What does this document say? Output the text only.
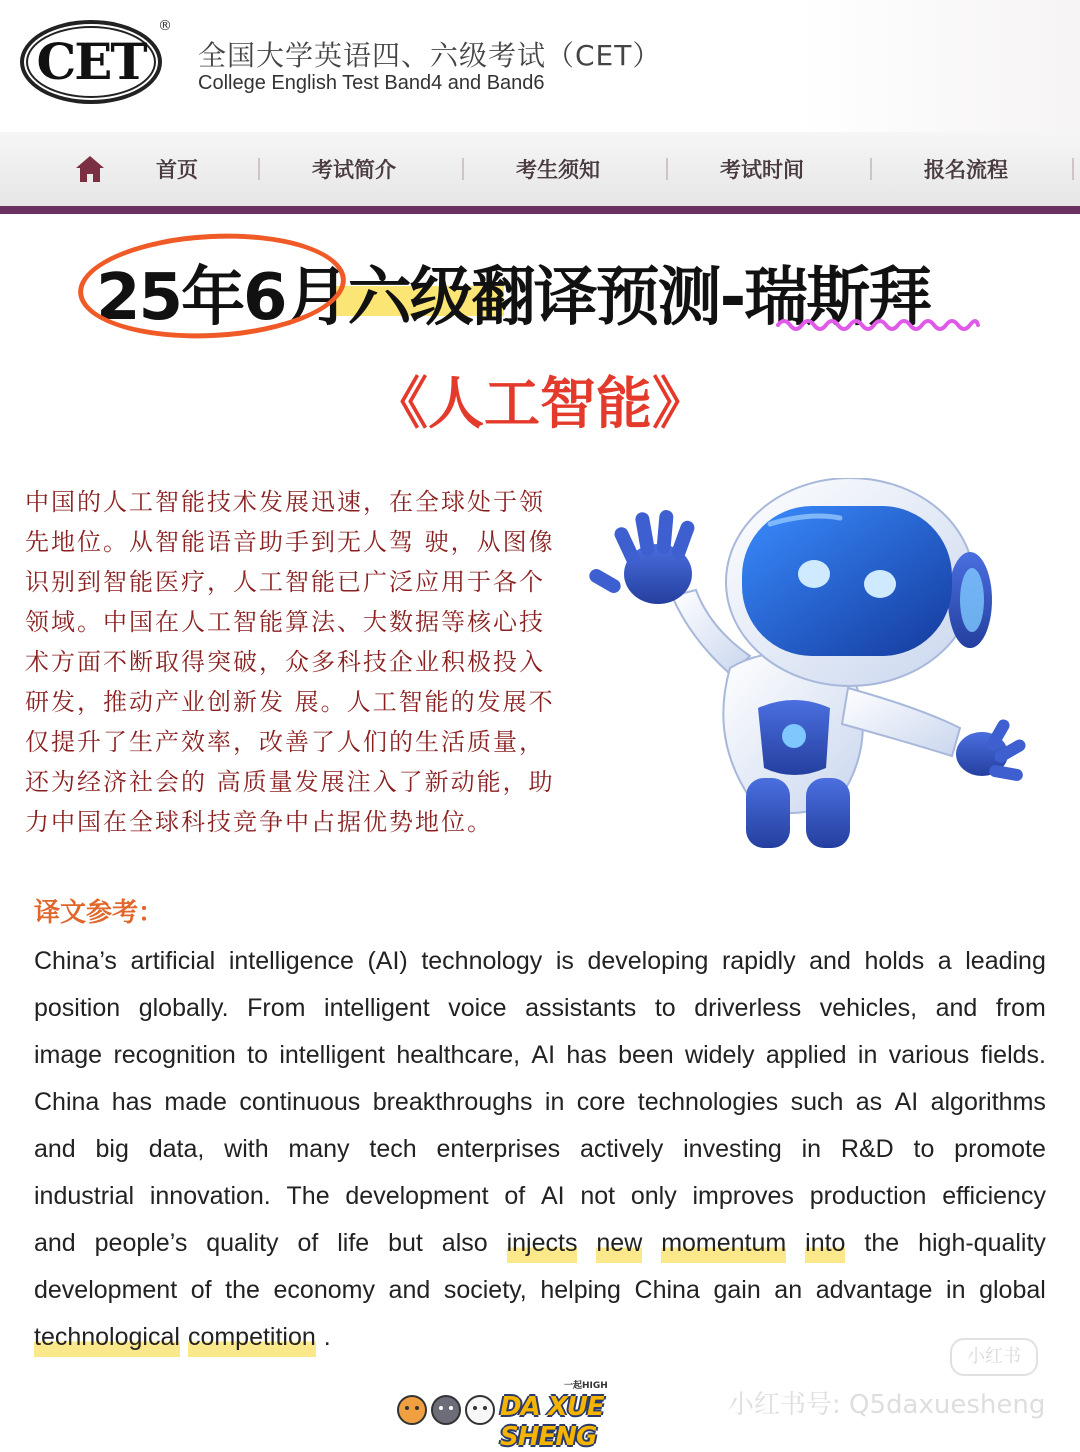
CET
®
全国大学英语四、六级考试（CET）
College English Test Band4 and Band6
首页	考试简介	考生须知	考试时间	报名流程
25年6月六级翻译预测-瑞斯拜
《人工智能》
中国的人工智能技术发展迅速，在全球处于领
先地位。从智能语音助手到无人驾 驶，从图像
识别到智能医疗，人工智能已广泛应用于各个
领域。中国在人工智能算法、大数据等核心技
术方面不断取得突破，众多科技企业积极投入
研发，推动产业创新发 展。人工智能的发展不
仅提升了生产效率，改善了人们的生活质量，
还为经济社会的 高质量发展注入了新动能，助
力中国在全球科技竞争中占据优势地位。
译文参考：
China’s artificial intelligence (AI) technology is developing rapidly and holds a leading
position globally. From intelligent voice assistants to driverless vehicles, and from
image recognition to intelligent healthcare, AI has been widely applied in various fields.
China has made continuous breakthroughs in core technologies such as AI algorithms
and big data, with many tech enterprises actively investing in R&D to promote
industrial innovation. The development of AI not only improves production efficiency
and people’s quality of life but also injects new momentum into the high-quality
development of the economy and society, helping China gain an advantage in global
technological competition .
一起HIGH
DA XUE SHENG
小红书
小红书号: Q5daxuesheng
